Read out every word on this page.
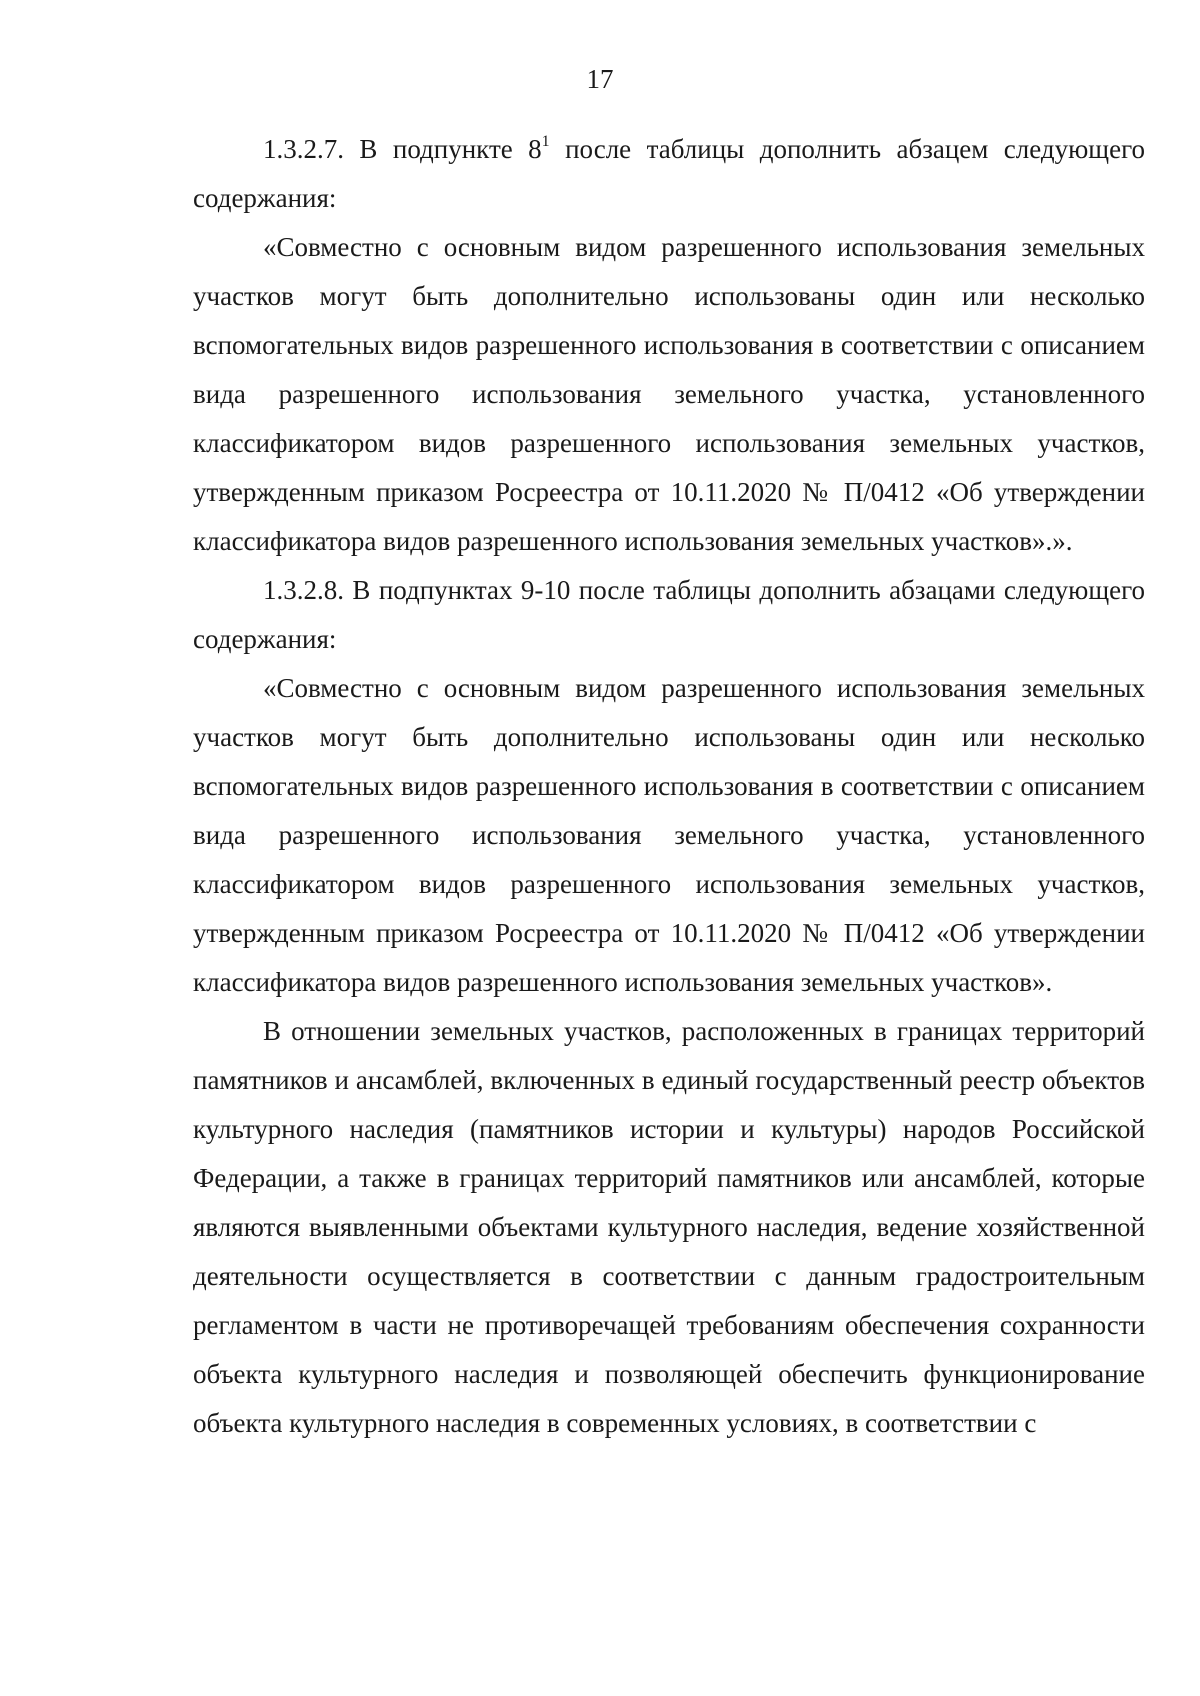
17

1.3.2.7. В подпункте $8^1$ после таблицы дополнить абзацем следующего содержания:

«Совместно с основным видом разрешенного использования земельных участков могут быть дополнительно использованы один или несколько вспомогательных видов разрешенного использования в соответствии с описанием вида разрешенного использования земельного участка, установленного классификатором видов разрешенного использования земельных участков, утвержденным приказом Росреестра от 10.11.2020 № П/0412 «Об утверждении классификатора видов разрешенного использования земельных участков».».

1.3.2.8. В подпунктах 9-10 после таблицы дополнить абзацами следующего содержания:

«Совместно с основным видом разрешенного использования земельных участков могут быть дополнительно использованы один или несколько вспомогательных видов разрешенного использования в соответствии с описанием вида разрешенного использования земельного участка, установленного классификатором видов разрешенного использования земельных участков, утвержденным приказом Росреестра от 10.11.2020 № П/0412 «Об утверждении классификатора видов разрешенного использования земельных участков».

В отношении земельных участков, расположенных в границах территорий памятников и ансамблей, включенных в единый государственный реестр объектов культурного наследия (памятников истории и культуры) народов Российской Федерации, а также в границах территорий памятников или ансамблей, которые являются выявленными объектами культурного наследия, ведение хозяйственной деятельности осуществляется в соответствии с данным градостроительным регламентом в части не противоречащей требованиям обеспечения сохранности объекта культурного наследия и позволяющей обеспечить функционирование объекта культурного наследия в современных условиях, в соответствии с
